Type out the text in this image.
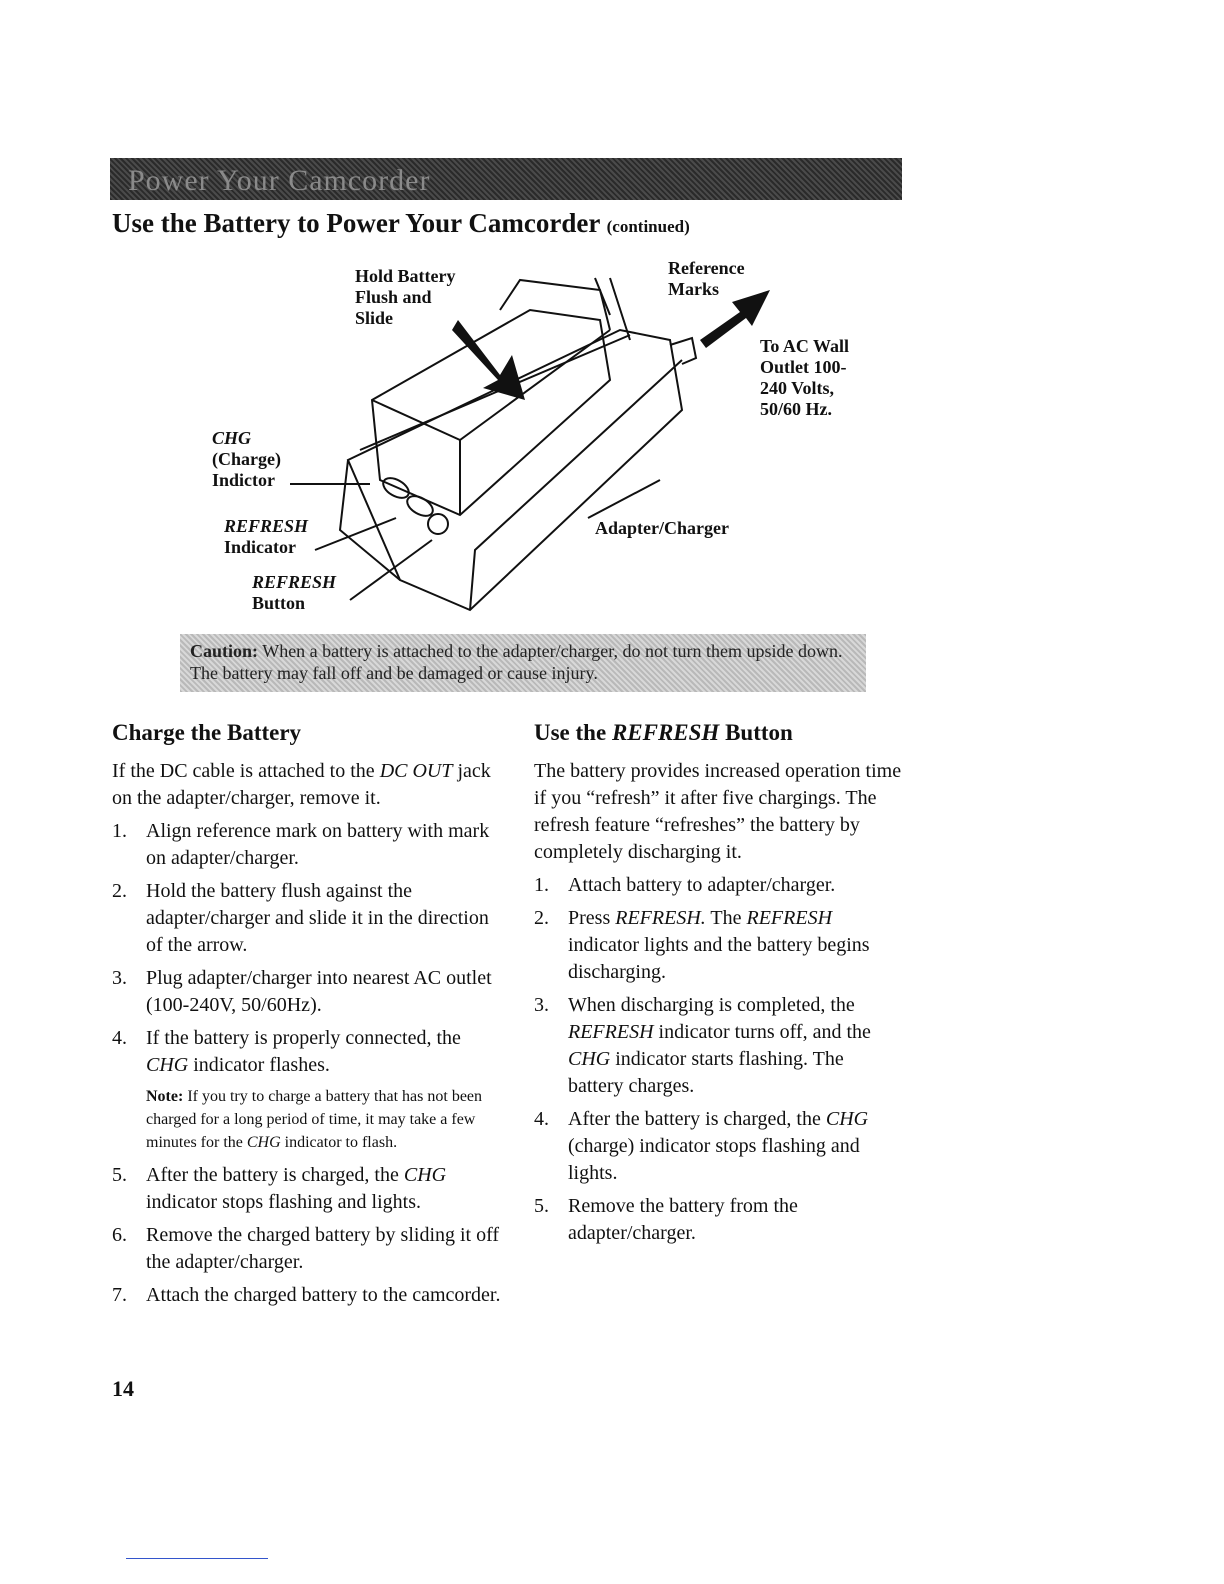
Power Your Camcorder
Use the Battery to Power Your Camcorder (continued)
Hold Battery
Flush and
Slide
Reference
Marks
To AC Wall
Outlet 100-
240 Volts,
50/60 Hz.
CHG
(Charge)
Indictor
REFRESH
Indicator
REFRESH
Button
Adapter/Charger
Caution: When a battery is attached to the adapter/charger, do not turn them upside down. The battery may fall off and be damaged or cause injury.
Charge the Battery

If the DC cable is attached to the DC OUT jack on the adapter/charger, remove it.

1. Align reference mark on battery with mark on adapter/charger.
2. Hold the battery flush against the adapter/charger and slide it in the direction of the arrow.
3. Plug adapter/charger into nearest AC outlet (100-240V, 50/60Hz).
4. If the battery is properly connected, the CHG indicator flashes.
Note: If you try to charge a battery that has not been charged for a long period of time, it may take a few minutes for the CHG indicator to flash.
5. After the battery is charged, the CHG indicator stops flashing and lights.
6. Remove the charged battery by sliding it off the adapter/charger.
7. Attach the charged battery to the camcorder.
Use the REFRESH Button

The battery provides increased operation time if you “refresh” it after five chargings. The refresh feature “refreshes” the battery by completely discharging it.

1. Attach battery to adapter/charger.
2. Press REFRESH. The REFRESH indicator lights and the battery begins discharging.
3. When discharging is completed, the REFRESH indicator turns off, and the CHG indicator starts flashing. The battery charges.
4. After the battery is charged, the CHG (charge) indicator stops flashing and lights.
5. Remove the battery from the adapter/charger.
14
